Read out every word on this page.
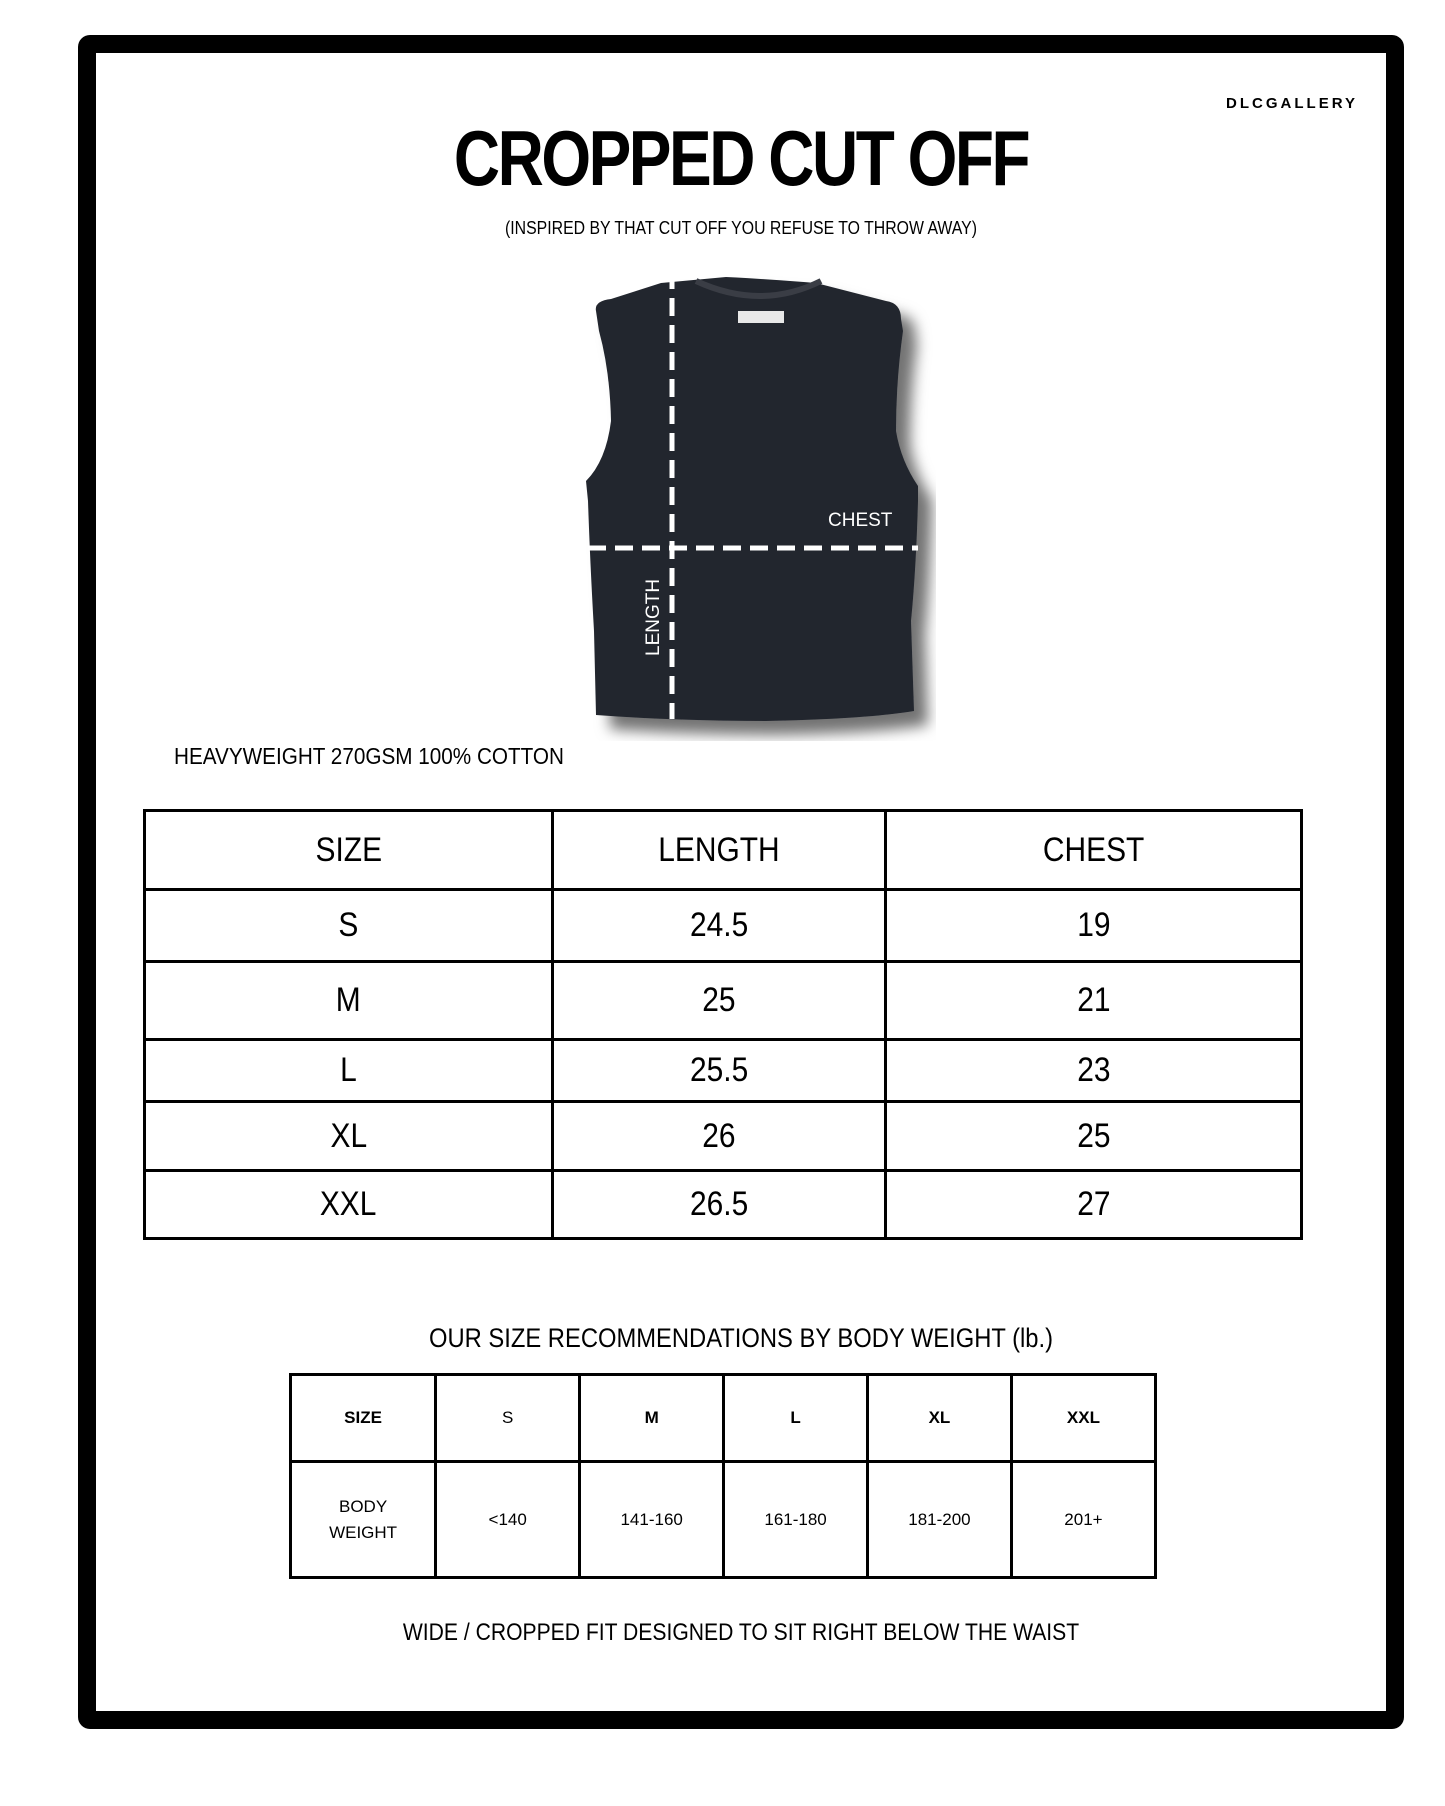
DLCGALLERY
CROPPED CUT OFF
(INSPIRED BY THAT CUT OFF YOU REFUSE TO THROW AWAY)
CHEST
LENGTH
HEAVYWEIGHT 270GSM 100% COTTON
SIZE	LENGTH	CHEST
S	24.5	19
M	25	21
L	25.5	23
XL	26	25
XXL	26.5	27
OUR SIZE RECOMMENDATIONS BY BODY WEIGHT (lb.)
SIZE	S	M	L	XL	XXL
BODY WEIGHT	<140	141-160	161-180	181-200	201+
WIDE / CROPPED FIT DESIGNED TO SIT RIGHT BELOW THE WAIST
